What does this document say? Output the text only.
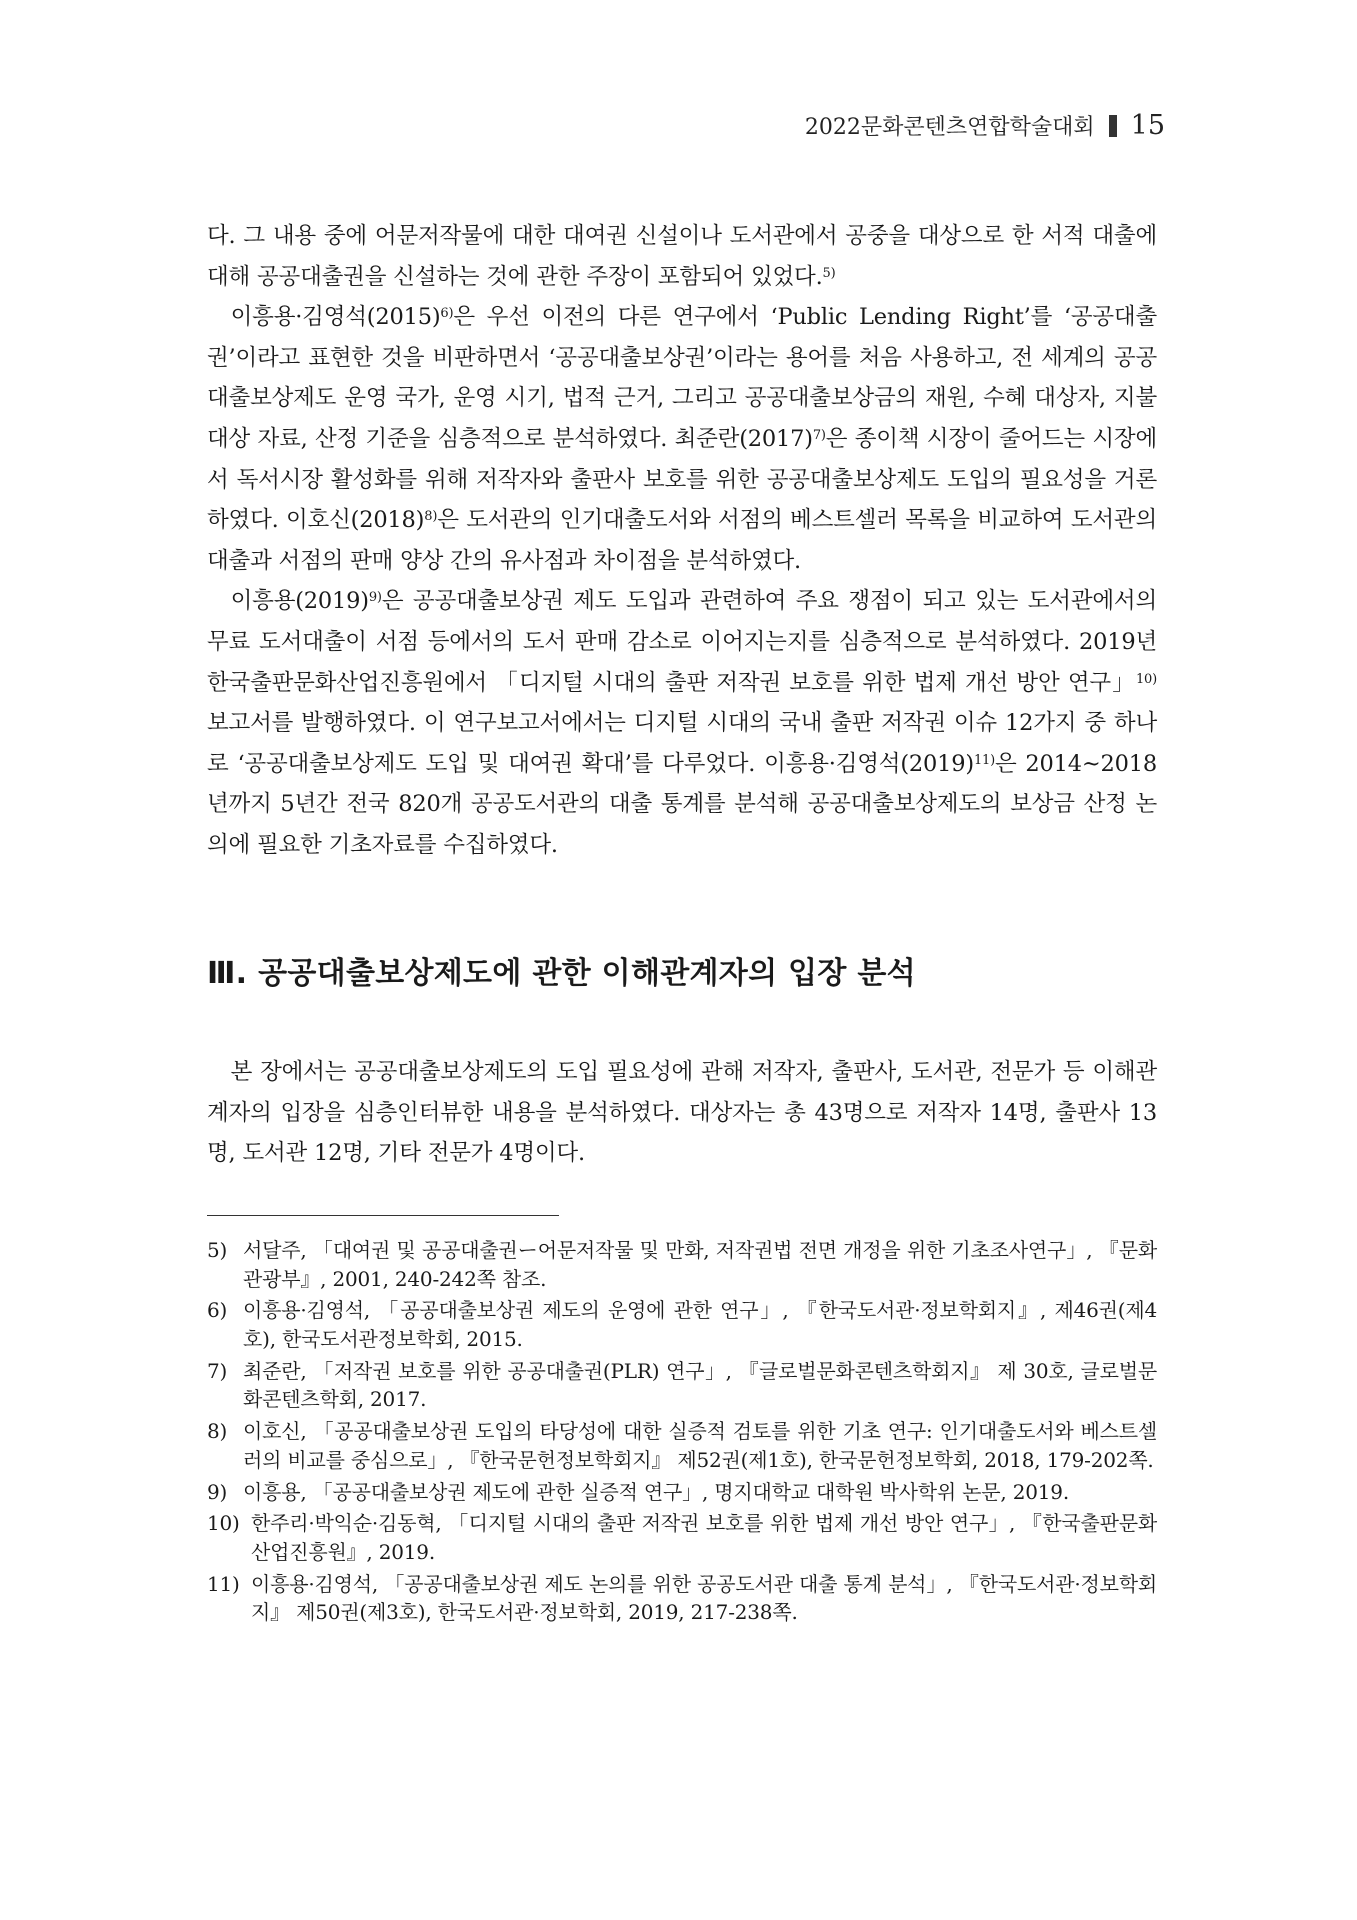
2022문화콘텐츠연합학술대회 15

다. 그 내용 중에 어문저작물에 대한 대여권 신설이나 도서관에서 공중을 대상으로 한 서적 대출에 대해 공공대출권을 신설하는 것에 관한 주장이 포함되어 있었다.$^{5)}$

이흥용·김영석(2015)$^{6)}$은 우선 이전의 다른 연구에서 ‘Public Lending Right’를 ‘공공대출권’이라고 표현한 것을 비판하면서 ‘공공대출보상권’이라는 용어를 처음 사용하고, 전 세계의 공공대출보상제도 운영 국가, 운영 시기, 법적 근거, 그리고 공공대출보상금의 재원, 수혜 대상자, 지불 대상 자료, 산정 기준을 심층적으로 분석하였다. 최준란(2017)$^{7)}$은 종이책 시장이 줄어드는 시장에서 독서시장 활성화를 위해 저작자와 출판사 보호를 위한 공공대출보상제도 도입의 필요성을 거론하였다. 이호신(2018)$^{8)}$은 도서관의 인기대출도서와 서점의 베스트셀러 목록을 비교하여 도서관의 대출과 서점의 판매 양상 간의 유사점과 차이점을 분석하였다.

이흥용(2019)$^{9)}$은 공공대출보상권 제도 도입과 관련하여 주요 쟁점이 되고 있는 도서관에서의 무료 도서대출이 서점 등에서의 도서 판매 감소로 이어지는지를 심층적으로 분석하였다. 2019년 한국출판문화산업진흥원에서 「디지털 시대의 출판 저작권 보호를 위한 법제 개선 방안 연구」$^{10)}$ 보고서를 발행하였다. 이 연구보고서에서는 디지털 시대의 국내 출판 저작권 이슈 12가지 중 하나로 ‘공공대출보상제도 도입 및 대여권 확대’를 다루었다. 이흥용·김영석(2019)$^{11)}$은 2014~2018년까지 5년간 전국 820개 공공도서관의 대출 통계를 분석해 공공대출보상제도의 보상금 산정 논의에 필요한 기초자료를 수집하였다.

Ⅲ. 공공대출보상제도에 관한 이해관계자의 입장 분석

본 장에서는 공공대출보상제도의 도입 필요성에 관해 저작자, 출판사, 도서관, 전문가 등 이해관계자의 입장을 심층인터뷰한 내용을 분석하였다. 대상자는 총 43명으로 저작자 14명, 출판사 13명, 도서관 12명, 기타 전문가 4명이다.

5) 서달주, 「대여권 및 공공대출권ー어문저작물 및 만화, 저작권법 전면 개정을 위한 기초조사연구」, 『문화관광부』, 2001, 240-242쪽 참조.
6) 이흥용·김영석, 「공공대출보상권 제도의 운영에 관한 연구」, 『한국도서관·정보학회지』, 제46권(제4호), 한국도서관정보학회, 2015.
7) 최준란, 「저작권 보호를 위한 공공대출권(PLR) 연구」, 『글로벌문화콘텐츠학회지』 제 30호, 글로벌문화콘텐츠학회, 2017.
8) 이호신, 「공공대출보상권 도입의 타당성에 대한 실증적 검토를 위한 기초 연구: 인기대출도서와 베스트셀러의 비교를 중심으로」, 『한국문헌정보학회지』 제52권(제1호), 한국문헌정보학회, 2018, 179-202쪽.
9) 이흥용, 「공공대출보상권 제도에 관한 실증적 연구」, 명지대학교 대학원 박사학위 논문, 2019.
10) 한주리·박익순·김동혁, 「디지털 시대의 출판 저작권 보호를 위한 법제 개선 방안 연구」, 『한국출판문화산업진흥원』, 2019.
11) 이흥용·김영석, 「공공대출보상권 제도 논의를 위한 공공도서관 대출 통계 분석」, 『한국도서관·정보학회지』 제50권(제3호), 한국도서관·정보학회, 2019, 217-238쪽.
